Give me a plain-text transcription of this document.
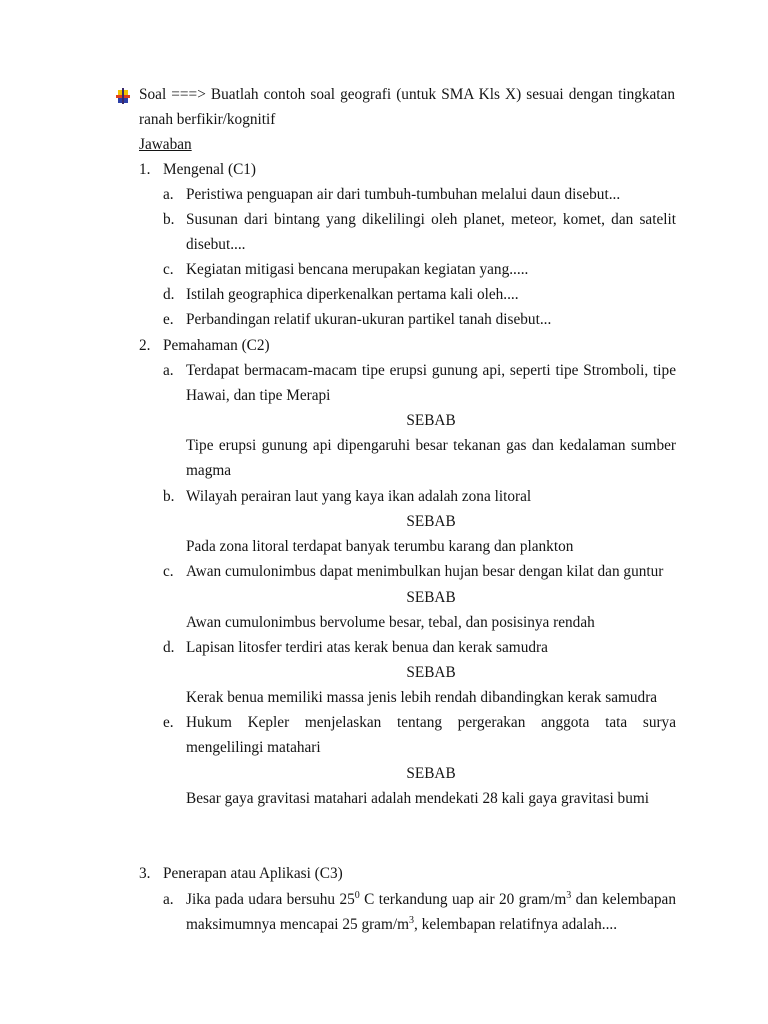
Soal ===> Buatlah contoh soal geografi (untuk SMA Kls X) sesuai dengan tingkatan
ranah berfikir/kognitif
Jawaban
1. Mengenal (C1)
a. Peristiwa penguapan air dari tumbuh-tumbuhan melalui daun disebut...
b. Susunan dari bintang yang dikelilingi oleh planet, meteor, komet, dan satelit
disebut....
c. Kegiatan mitigasi bencana merupakan kegiatan yang.....
d. Istilah geographica diperkenalkan pertama kali oleh....
e. Perbandingan relatif ukuran-ukuran partikel tanah disebut...
2. Pemahaman (C2)
a. Terdapat bermacam-macam tipe erupsi gunung api, seperti tipe Stromboli, tipe
Hawai, dan tipe Merapi
SEBAB
Tipe erupsi gunung api dipengaruhi besar tekanan gas dan kedalaman sumber
magma
b. Wilayah perairan laut yang kaya ikan adalah zona litoral
SEBAB
Pada zona litoral terdapat banyak terumbu karang dan plankton
c. Awan cumulonimbus dapat menimbulkan hujan besar dengan kilat dan guntur
SEBAB
Awan cumulonimbus bervolume besar, tebal, dan posisinya rendah
d. Lapisan litosfer terdiri atas kerak benua dan kerak samudra
SEBAB
Kerak benua memiliki massa jenis lebih rendah dibandingkan kerak samudra
e. Hukum Kepler menjelaskan tentang pergerakan anggota tata surya
mengelilingi matahari
SEBAB
Besar gaya gravitasi matahari adalah mendekati 28 kali gaya gravitasi bumi
3. Penerapan atau Aplikasi (C3)
a. Jika pada udara bersuhu $25^0$ C terkandung uap air 20 gram/$m^3$ dan kelembapan
maksimumnya mencapai 25 gram/$m^3$, kelembapan relatifnya adalah....
